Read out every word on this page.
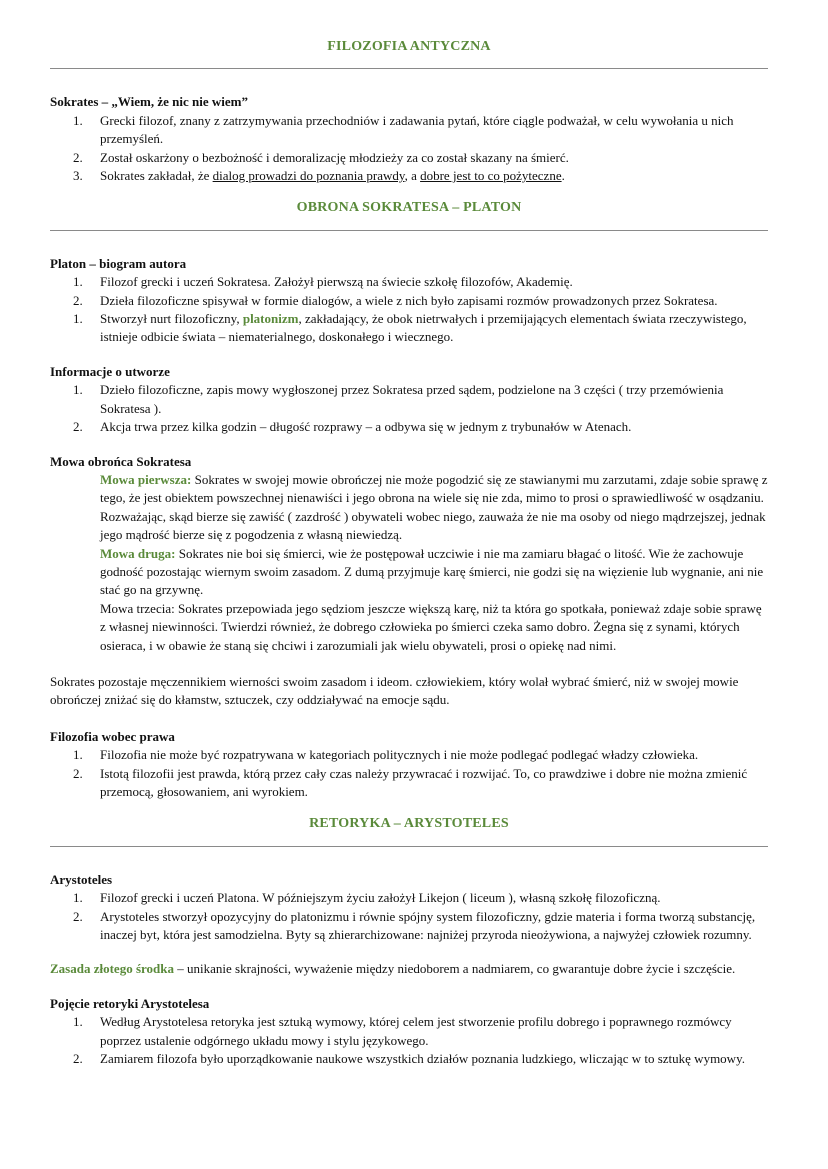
FILOZOFIA ANTYCZNA

Sokrates – „Wiem, że nic nie wiem”

1. Grecki filozof, znany z zatrzymywania przechodniów i zadawania pytań, które ciągle podważał, w celu wywołania u nich przemyśleń.
2. Został oskarżony o bezbożność i demoralizację młodzieży za co został skazany na śmierć.
3. Sokrates zakładał, że dialog prowadzi do poznania prawdy, a dobre jest to co pożyteczne.
OBRONA SOKRATESA – PLATON

Platon – biogram autora

1. Filozof grecki i uczeń Sokratesa. Założył pierwszą na świecie szkołę filozofów, Akademię.
2. Dzieła filozoficzne spisywał w formie dialogów, a wiele z nich było zapisami rozmów prowadzonych przez Sokratesa.
1. Stworzył nurt filozoficzny, platonizm, zakładający, że obok nietrwałych i przemijających elementach świata rzeczywistego, istnieje odbicie świata – niematerialnego, doskonałego i wiecznego.

Informacje o utworze

1. Dzieło filozoficzne, zapis mowy wygłoszonej przez Sokratesa przed sądem, podzielone na 3 części ( trzy przemówienia Sokratesa ).
2. Akcja trwa przez kilka godzin – długość rozprawy – a odbywa się w jednym z trybunałów w Atenach.

Mowa obrońca Sokratesa

Mowa pierwsza: Sokrates w swojej mowie obrończej nie może pogodzić się ze stawianymi mu zarzutami, zdaje sobie sprawę z tego, że jest obiektem powszechnej nienawiści i jego obrona na wiele się nie zda, mimo to prosi o sprawiedliwość w osądzaniu. Rozważając, skąd bierze się zawiść ( zazdrość ) obywateli wobec niego, zauważa że nie ma osoby od niego mądrzejszej, jednak jego mądrość bierze się z pogodzenia z własną niewiedzą.

Mowa druga: Sokrates nie boi się śmierci, wie że postępował uczciwie i nie ma zamiaru błagać o litość. Wie że zachowuje godność pozostając wiernym swoim zasadom. Z dumą przyjmuje karę śmierci, nie godzi się na więzienie lub wygnanie, ani nie stać go na grzywnę.

Mowa trzecia: Sokrates przepowiada jego sędziom jeszcze większą karę, niż ta która go spotkała, ponieważ zdaje sobie sprawę z własnej niewinności. Twierdzi również, że dobrego człowieka po śmierci czeka samo dobro. Żegna się z synami, których osieraca, i w obawie że staną się chciwi i zarozumiali jak wielu obywateli, prosi o opiekę nad nimi.

Sokrates pozostaje męczennikiem wierności swoim zasadom i ideom. człowiekiem, który wolał wybrać śmierć, niż w swojej mowie obrończej zniżać się do kłamstw, sztuczek, czy oddziaływać na emocje sądu.

Filozofia wobec prawa

1. Filozofia nie może być rozpatrywana w kategoriach politycznych i nie może podlegać podlegać władzy człowieka.
2. Istotą filozofii jest prawda, którą przez cały czas należy przywracać i rozwijać. To, co prawdziwe i dobre nie można zmienić przemocą, głosowaniem, ani wyrokiem.
RETORYKA – ARYSTOTELES

Arystoteles

1. Filozof grecki i uczeń Platona. W późniejszym życiu założył Likejon ( liceum ), własną szkołę filozoficzną.
2. Arystoteles stworzył opozycyjny do platonizmu i równie spójny system filozoficzny, gdzie materia i forma tworzą substancję, inaczej byt, która jest samodzielna. Byty są zhierarchizowane: najniżej przyroda nieożywiona, a najwyżej człowiek rozumny.

Zasada złotego środka – unikanie skrajności, wyważenie między niedoborem a nadmiarem, co gwarantuje dobre życie i szczęście.

Pojęcie retoryki Arystotelesa

1. Według Arystotelesa retoryka jest sztuką wymowy, której celem jest stworzenie profilu dobrego i poprawnego rozmówcy poprzez ustalenie odgórnego układu mowy i stylu językowego.
2. Zamiarem filozofa było uporządkowanie naukowe wszystkich działów poznania ludzkiego, wliczając w to sztukę wymowy.
